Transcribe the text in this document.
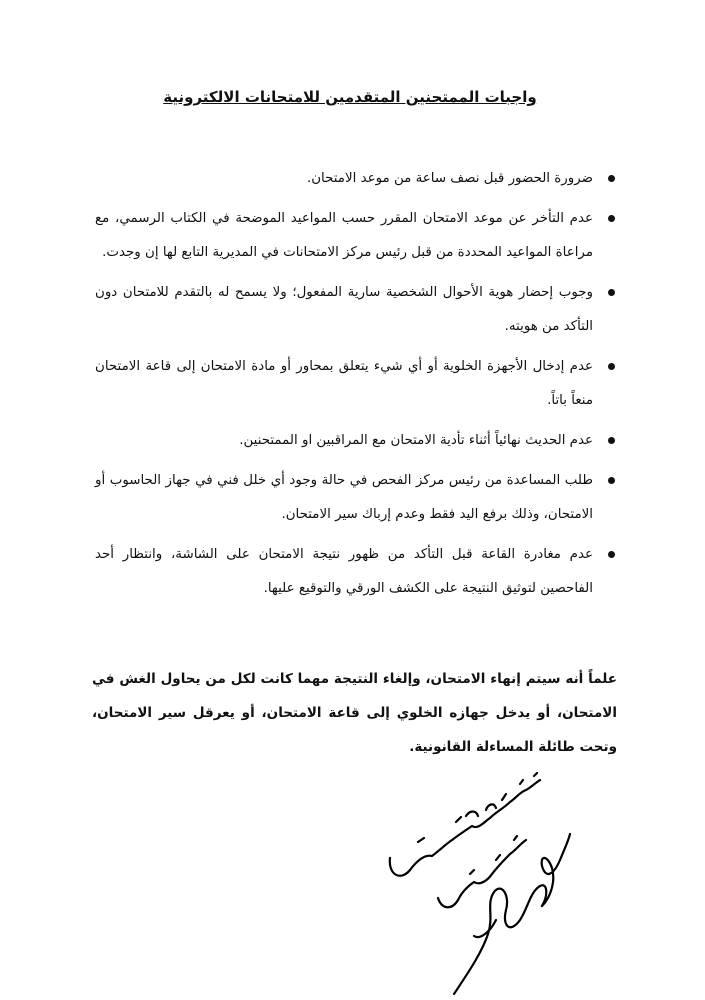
واجبات الممتحنين المتقدمين للامتحانات الالكترونية
ضرورة الحضور قبل نصف ساعة من موعد الامتحان.
عدم التأخر عن موعد الامتحان المقرر حسب المواعيد الموضحة في الكتاب الرسمي، مع مراعاة المواعيد المحددة من قبل رئيس مركز الامتحانات في المديرية التابع لها إن وجدت.
وجوب إحضار هوية الأحوال الشخصية سارية المفعول؛ ولا يسمح له بالتقدم للامتحان دون التأكد من هويته.
عدم إدخال الأجهزة الخلوية أو أي شيء يتعلق بمحاور أو مادة الامتحان إلى قاعة الامتحان منعاً باتاً.
عدم الحديث نهائياً أثناء تأدية الامتحان مع المراقبين او الممتحنين.
طلب المساعدة من رئيس مركز الفحص في حالة وجود أي خلل فني في جهاز الحاسوب أو الامتحان، وذلك برفع اليد فقط وعدم إرباك سير الامتحان.
عدم مغادرة القاعة قبل التأكد من ظهور نتيجة الامتحان على الشاشة، وانتظار أحد الفاحصين لتوثيق النتيجة على الكشف الورقي والتوقيع عليها.
علماً أنه سيتم إنهاء الامتحان، وإلغاء النتيجة مهما كانت لكل من يحاول الغش في الامتحان، أو يدخل جهازه الخلوي إلى قاعة الامتحان، أو يعرقل سير الامتحان، وتحت طائلة المساءلة القانونية.
